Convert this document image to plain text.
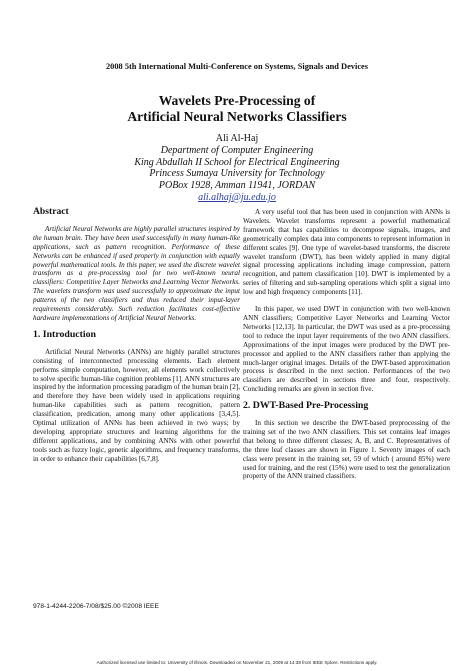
2008 5th International Multi-Conference on Systems, Signals and Devices
Wavelets Pre-Processing of
Artificial Neural Networks Classifiers
Ali Al-Haj
Department of Computer Engineering
King Abdullah II School for Electrical Engineering
Princess Sumaya University for Technology
POBox 1928, Amman 11941, JORDAN
ali.alhaj@ju.edu.jo

Abstract

Artificial Neural Networks are highly parallel structures inspired by the human brain. They have been used successfully in many human-like applications, such as pattern recognition. Performance of these Networks can be enhanced if used properly in conjunction with equally powerful mathematical tools. In this paper, we used the discrete wavelet transform as a pre-processing tool for two well-known neural classifiers: Competitive Layer Networks and Learning Vector Networks. The wavelets transform was used successfully to approximate the input patterns of the two classifiers and thus reduced their input-layer requirements considerably. Such reduction facilitates cost-effective hardware implementations of Artificial Neural Networks.

1. Introduction

Artificial Neural Networks (ANNs) are highly parallel structures consisting of interconnected processing elements. Each element performs simple computation, however, all elements work collectively to solve specific human-like cognition problems [1]. ANN structures are inspired by the information processing paradigm of the human brain [2], and therefore they have been widely used in applications requiring human-like capabilities such as pattern recognition, pattern classification, predication, among many other applications [3,4,5]. Optimal utilization of ANNs has been achieved in two ways; by developing appropriate structures and learning algorithms for the different applications, and by combining ANNs with other powerful tools such as fuzzy logic, genetic algorithms, and frequency transforms, in order to enhance their capabilities [6,7,8].

A very useful tool that has been used in conjunction with ANNs is Wavelets. Wavelet transforms represent a powerful mathematical framework that has capabilities to decompose signals, images, and geometrically complex data into components to represent information in different scales [9]. One type of wavelet-based transforms, the discrete wavelet transform (DWT), has been widely applied in many digital signal processing applications including image compression, pattern recognition, and pattern classification [10]. DWT is implemented by a series of filtering and sub-sampling operations which split a signal into low and high frequency components [11].

In this paper, we used DWT in conjunction with two well-known ANN classifiers; Competitive Layer Networks and Learning Vector Networks [12,13]. In particular, the DWT was used as a pre-processing tool to reduce the input layer requirements of the two ANN classifiers. Approximations of the input images were produced by the DWT pre-processor and applied to the ANN classifiers rather than applying the much-larger original images. Details of the DWT-based approximation process is described in the next section. Performances of the two classifiers are described in sections three and four, respectively. Concluding remarks are given in section five.

2. DWT-Based Pre-Processing

In this section we describe the DWT-based preprocessing of the training set of the two ANN classifiers. This set contains leaf images that belong to three different classes; A, B, and C. Representatives of the three leaf classes are shown in Figure 1. Seventy images of each class were present in the training set, 59 of which ( around 85%) were used for training, and the rest (15%) were used to test the generalization property of the ANN trained classifiers.

978-1-4244-2206-7/08/$25.00 ©2008 IEEE
Authorized licensed use limited to: University of Illinois. Downloaded on November 21, 2009 at 14:38 from IEEE Xplore. Restrictions apply.
